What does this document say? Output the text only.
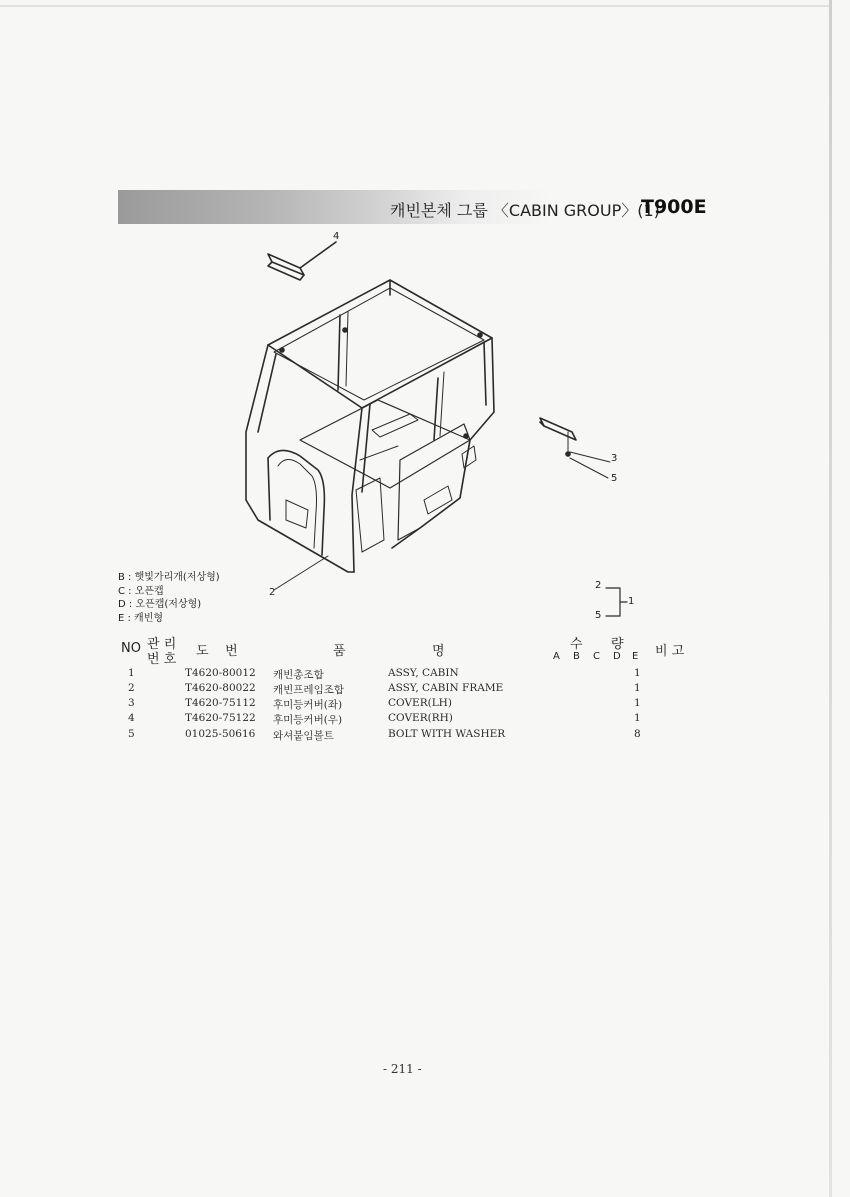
캐빈본체 그룹 〈CABIN GROUP〉(1)
T900E
4
3
5
2
2
1
5
B : 햇빛가리개(저상형)
C : 오픈캡
D : 오픈캡(저상형)
E : 캐빈형
NO 관 리
번 호
도    번	품	명	수 량 비 고
A B C D E
1	T4620-80012 캐빈총조합	ASSY, CABIN	1
2	T4620-80022 캐빈프레임조합	ASSY, CABIN FRAME	1
3	T4620-75112 후미등커버(좌)	COVER(LH)	1
4	T4620-75122 후미등커버(우)	COVER(RH)	1
5	01025-50616 와셔붙임볼트	BOLT WITH WASHER	8
- 211 -
